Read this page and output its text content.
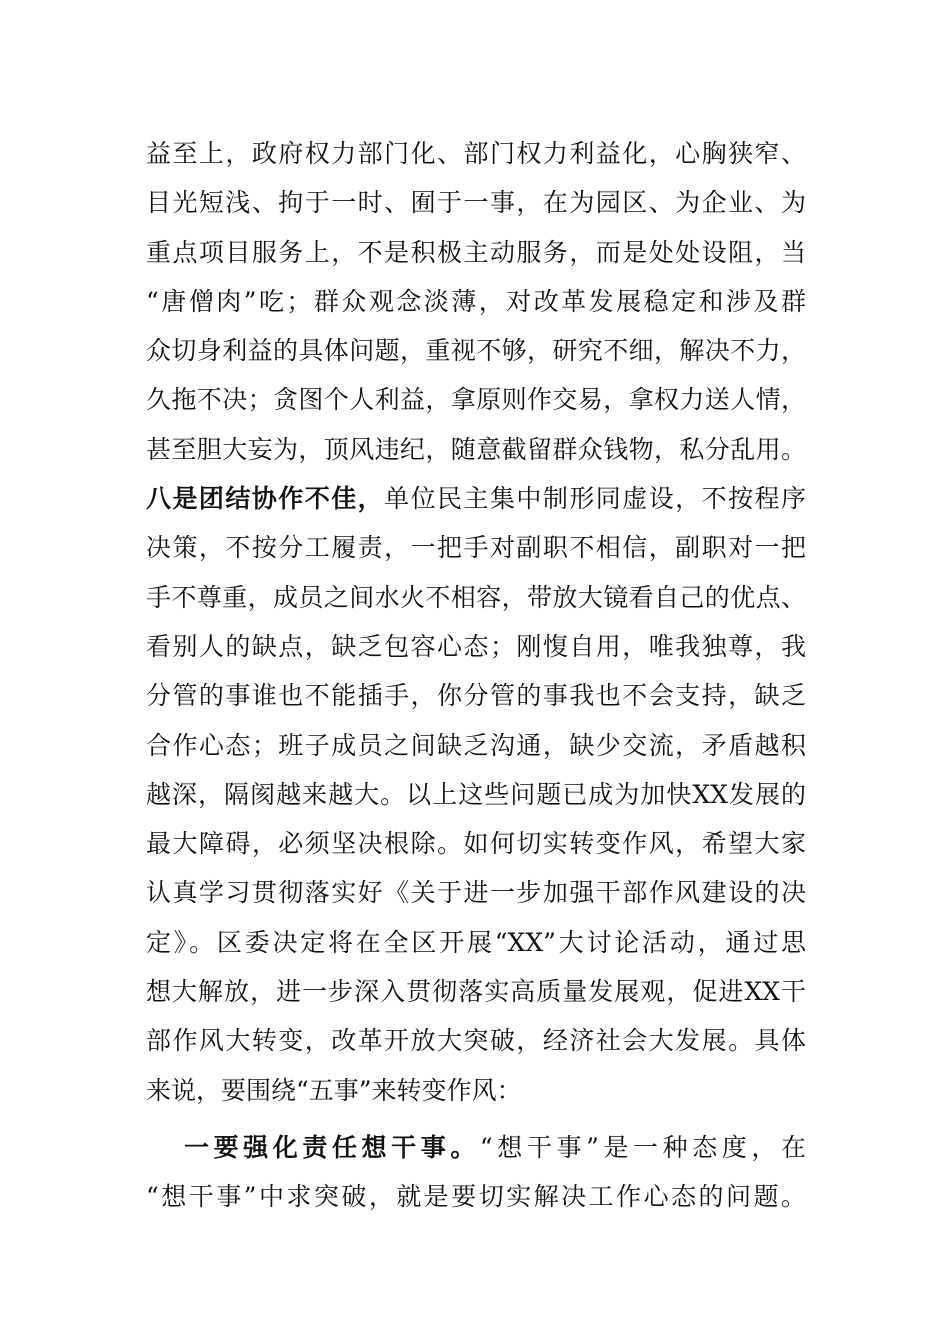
益至上，政府权力部门化、部门权力利益化，心胸狭窄、
目光短浅、拘于一时、囿于一事，在为园区、为企业、为
重点项目服务上，不是积极主动服务，而是处处设阻，当
“唐僧肉”吃；群众观念淡薄，对改革发展稳定和涉及群
众切身利益的具体问题，重视不够，研究不细，解决不力，
久拖不决；贪图个人利益，拿原则作交易，拿权力送人情，
甚至胆大妄为，顶风违纪，随意截留群众钱物，私分乱用。
八是团结协作不佳，单位民主集中制形同虚设，不按程序
决策，不按分工履责，一把手对副职不相信，副职对一把
手不尊重，成员之间水火不相容，带放大镜看自己的优点、
看别人的缺点，缺乏包容心态；刚愎自用，唯我独尊，我
分管的事谁也不能插手，你分管的事我也不会支持，缺乏
合作心态；班子成员之间缺乏沟通，缺少交流，矛盾越积
越深，隔阂越来越大。以上这些问题已成为加快XX发展的
最大障碍，必须坚决根除。如何切实转变作风，希望大家
认真学习贯彻落实好《关于进一步加强干部作风建设的决
定》。区委决定将在全区开展“XX”大讨论活动，通过思
想大解放，进一步深入贯彻落实高质量发展观，促进XX干
部作风大转变，改革开放大突破，经济社会大发展。具体
来说，要围绕“五事”来转变作风：
一要强化责任想干事。“想干事”是一种态度，在
“想干事”中求突破，就是要切实解决工作心态的问题。
